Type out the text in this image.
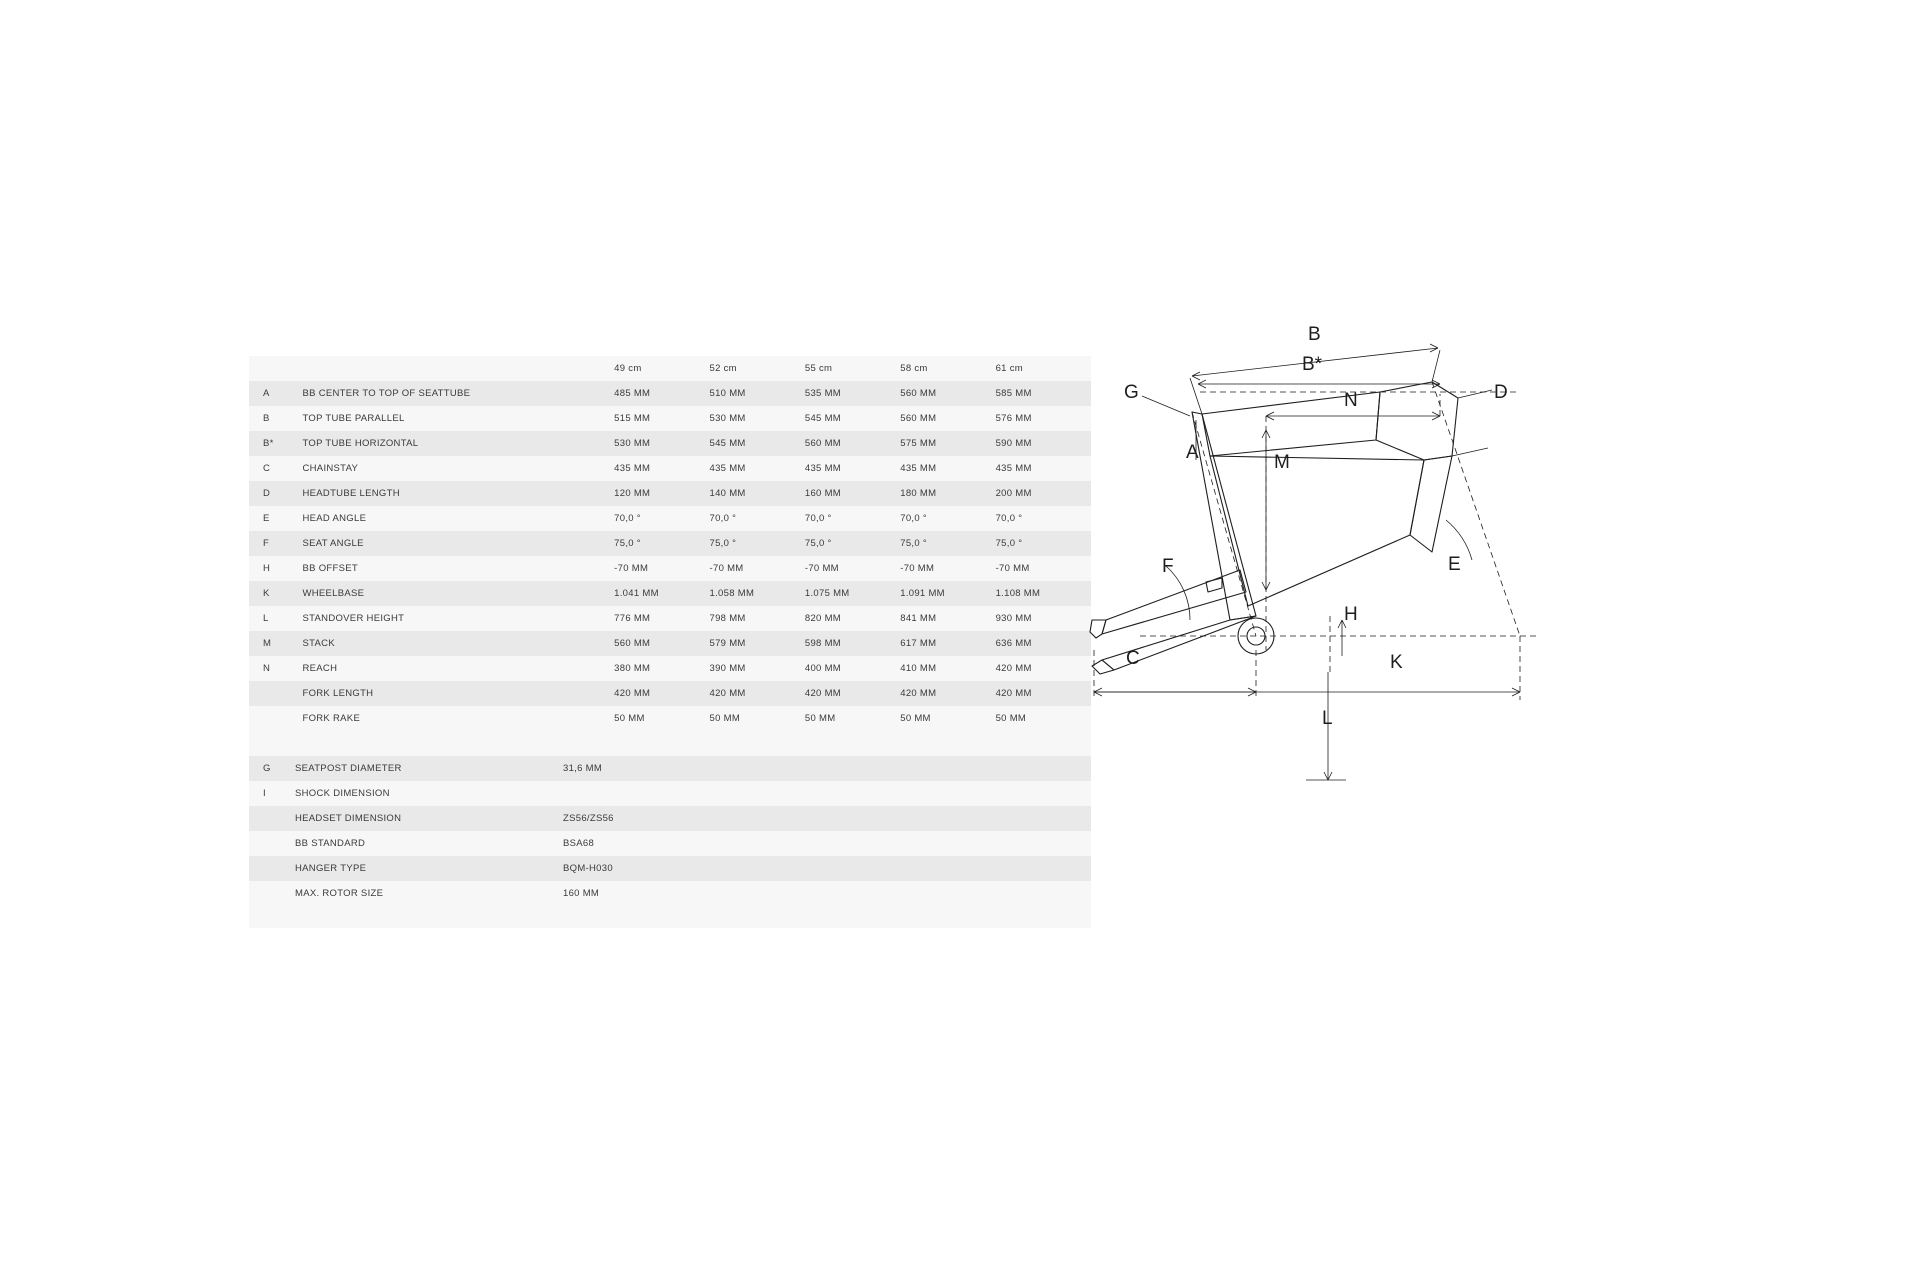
		49 cm	52 cm	55 cm	58 cm	61 cm
A	BB CENTER TO TOP OF SEATTUBE	485 MM	510 MM	535 MM	560 MM	585 MM
B	TOP TUBE PARALLEL	515 MM	530 MM	545 MM	560 MM	576 MM
B*	TOP TUBE HORIZONTAL	530 MM	545 MM	560 MM	575 MM	590 MM
C	CHAINSTAY	435 MM	435 MM	435 MM	435 MM	435 MM
D	HEADTUBE LENGTH	120 MM	140 MM	160 MM	180 MM	200 MM
E	HEAD ANGLE	70,0 °	70,0 °	70,0 °	70,0 °	70,0 °
F	SEAT ANGLE	75,0 °	75,0 °	75,0 °	75,0 °	75,0 °
H	BB OFFSET	-70 MM	-70 MM	-70 MM	-70 MM	-70 MM
K	WHEELBASE	1.041 MM	1.058 MM	1.075 MM	1.091 MM	1.108 MM
L	STANDOVER HEIGHT	776 MM	798 MM	820 MM	841 MM	930 MM
M	STACK	560 MM	579 MM	598 MM	617 MM	636 MM
N	REACH	380 MM	390 MM	400 MM	410 MM	420 MM
	FORK LENGTH	420 MM	420 MM	420 MM	420 MM	420 MM
	FORK RAKE	50 MM	50 MM	50 MM	50 MM	50 MM
G	SEATPOST DIAMETER	31,6 MM
I	SHOCK DIMENSION	
	HEADSET DIMENSION	ZS56/ZS56
	BB STANDARD	BSA68
	HANGER TYPE	BQM-H030
	MAX. ROTOR SIZE	160 MM
B
B*
N	D
G
A	M
E
F
H
C	K
L
